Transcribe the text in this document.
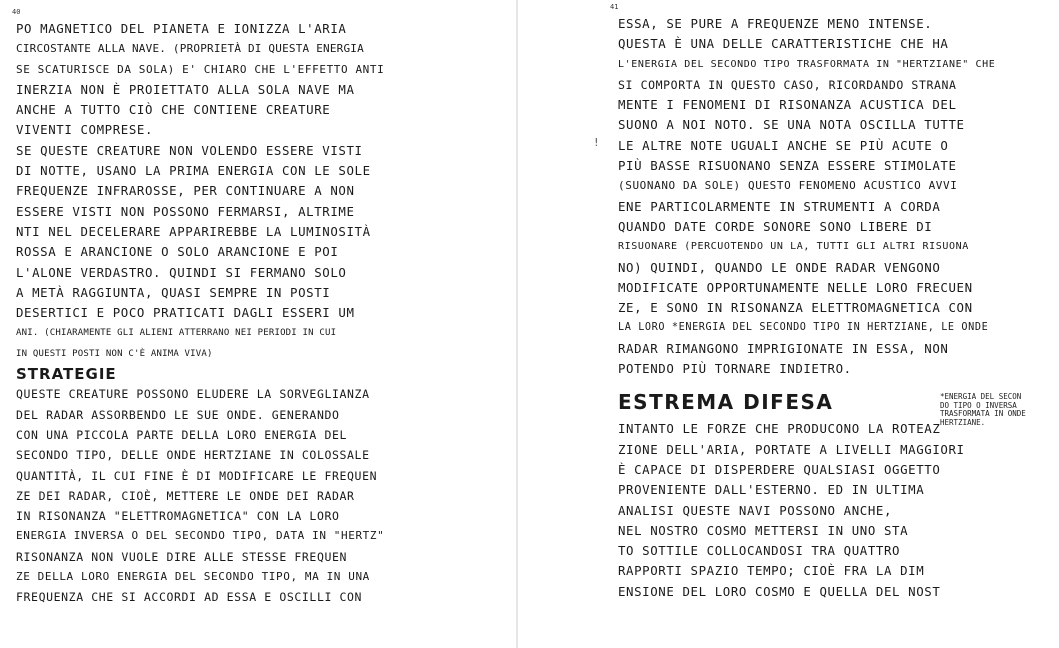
40
PO MAGNETICO DEL PIANETA E IONIZZA L'ARIA
CIRCOSTANTE ALLA NAVE. (PROPRIETÀ DI QUESTA ENERGIA
SE SCATURISCE DA SOLA) E' CHIARO CHE L'EFFETTO ANTI
INERZIA NON È PROIETTATO ALLA SOLA NAVE MA
ANCHE A TUTTO CIÒ CHE CONTIENE CREATURE
VIVENTI COMPRESE.
SE QUESTE CREATURE NON VOLENDO ESSERE VISTI
DI NOTTE, USANO LA PRIMA ENERGIA CON LE SOLE
FREQUENZE INFRAROSSE, PER CONTINUARE A NON
ESSERE VISTI NON POSSONO FERMARSI, ALTRIME
NTI NEL DECELERARE APPARIREBBE LA LUMINOSITÀ
ROSSA E ARANCIONE O SOLO ARANCIONE E POI
L'ALONE VERDASTRO. QUINDI SI FERMANO SOLO
A METÀ RAGGIUNTA, QUASI SEMPRE IN POSTI
DESERTICI E POCO PRATICATI DAGLI ESSERI UM
ANI. (CHIARAMENTE GLI ALIENI ATTERRANO NEI PERIODI IN CUI
IN QUESTI POSTI NON C'È ANIMA VIVA)
STRATEGIE
QUESTE CREATURE POSSONO ELUDERE LA SORVEGLIANZA
DEL RADAR ASSORBENDO LE SUE ONDE. GENERANDO
CON UNA PICCOLA PARTE DELLA LORO ENERGIA DEL
SECONDO TIPO, DELLE ONDE HERTZIANE IN COLOSSALE
QUANTITÀ, IL CUI FINE È DI MODIFICARE LE FREQUEN
ZE DEI RADAR, CIOÈ, METTERE LE ONDE DEI RADAR
IN RISONANZA "ELETTROMAGNETICA" CON LA LORO
ENERGIA INVERSA O DEL SECONDO TIPO, DATA IN "HERTZ"
RISONANZA NON VUOLE DIRE ALLE STESSE FREQUEN
ZE DELLA LORO ENERGIA DEL SECONDO TIPO, MA IN UNA
FREQUENZA CHE SI ACCORDI AD ESSA E OSCILLI CON
41
!
ESSA, SE PURE A FREQUENZE MENO INTENSE.
QUESTA È UNA DELLE CARATTERISTICHE CHE HA
L'ENERGIA DEL SECONDO TIPO TRASFORMATA IN "HERTZIANE" CHE
SI COMPORTA IN QUESTO CASO, RICORDANDO STRANA
MENTE I FENOMENI DI RISONANZA ACUSTICA DEL
SUONO A NOI NOTO. SE UNA NOTA OSCILLA TUTTE
LE ALTRE NOTE UGUALI ANCHE SE PIÙ ACUTE O
PIÙ BASSE RISUONANO SENZA ESSERE STIMOLATE
(SUONANO DA SOLE) QUESTO FENOMENO ACUSTICO AVVI
ENE PARTICOLARMENTE IN STRUMENTI A CORDA
QUANDO DATE CORDE SONORE SONO LIBERE DI
RISUONARE (PERCUOTENDO UN LA, TUTTI GLI ALTRI RISUONA
NO) QUINDI, QUANDO LE ONDE RADAR VENGONO
MODIFICATE OPPORTUNAMENTE NELLE LORO FRECUEN
ZE, E SONO IN RISONANZA ELETTROMAGNETICA CON
LA LORO *ENERGIA DEL SECONDO TIPO IN HERTZIANE, LE ONDE
RADAR RIMANGONO IMPRIGIONATE IN ESSA, NON
POTENDO PIÙ TORNARE INDIETRO.
ESTREMA DIFESA
INTANTO LE FORZE CHE PRODUCONO LA ROTEAZ
ZIONE DELL'ARIA, PORTATE A LIVELLI MAGGIORI
È CAPACE DI DISPERDERE QUALSIASI OGGETTO
PROVENIENTE DALL'ESTERNO. ED IN ULTIMA
ANALISI QUESTE NAVI POSSONO ANCHE,
NEL NOSTRO COSMO METTERSI IN UNO STA
TO SOTTILE COLLOCANDOSI TRA QUATTRO
RAPPORTI SPAZIO TEMPO; CIOÈ FRA LA DIM
ENSIONE DEL LORO COSMO E QUELLA DEL NOST
*ENERGIA DEL SECON
DO TIPO O INVERSA
TRASFORMATA IN ONDE
HERTZIANE.
